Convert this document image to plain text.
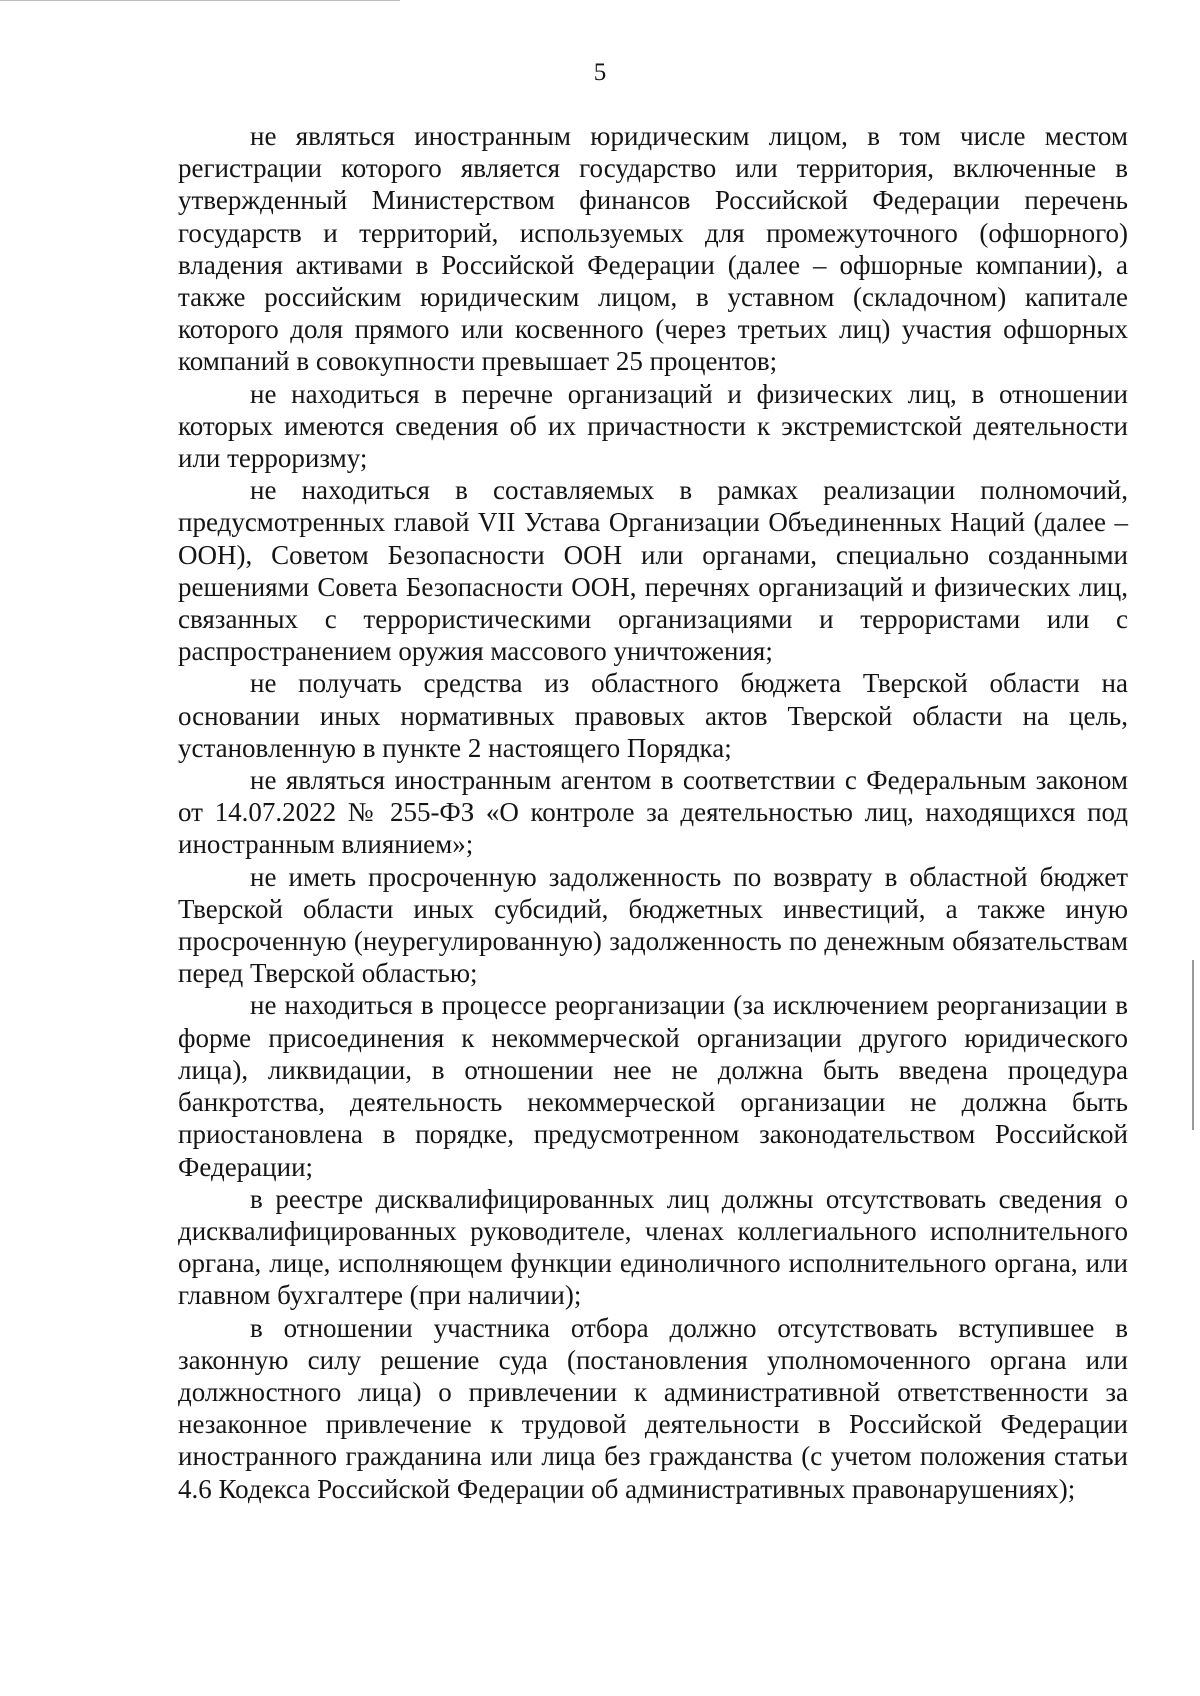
5

не являться иностранным юридическим лицом, в том числе местом регистрации которого является государство или территория, включенные в утвержденный Министерством финансов Российской Федерации перечень государств и территорий, используемых для промежуточного (офшорного) владения активами в Российской Федерации (далее – офшорные компании), а также российским юридическим лицом, в уставном (складочном) капитале которого доля прямого или косвенного (через третьих лиц) участия офшорных компаний в совокупности превышает 25 процентов;

не находиться в перечне организаций и физических лиц, в отношении которых имеются сведения об их причастности к экстремистской деятельности или терроризму;

не находиться в составляемых в рамках реализации полномочий, предусмотренных главой VII Устава Организации Объединенных Наций (далее – ООН), Советом Безопасности ООН или органами, специально созданными решениями Совета Безопасности ООН, перечнях организаций и физических лиц, связанных с террористическими организациями и террористами или с распространением оружия массового уничтожения;

не получать средства из областного бюджета Тверской области на основании иных нормативных правовых актов Тверской области на цель, установленную в пункте 2 настоящего Порядка;

не являться иностранным агентом в соответствии с Федеральным законом от 14.07.2022 № 255-ФЗ «О контроле за деятельностью лиц, находящихся под иностранным влиянием»;

не иметь просроченную задолженность по возврату в областной бюджет Тверской области иных субсидий, бюджетных инвестиций, а также иную просроченную (неурегулированную) задолженность по денежным обязательствам перед Тверской областью;

не находиться в процессе реорганизации (за исключением реорганизации в форме присоединения к некоммерческой организации другого юридического лица), ликвидации, в отношении нее не должна быть введена процедура банкротства, деятельность некоммерческой организации не должна быть приостановлена в порядке, предусмотренном законодательством Российской Федерации;

в реестре дисквалифицированных лиц должны отсутствовать сведения о дисквалифицированных руководителе, членах коллегиального исполнительного органа, лице, исполняющем функции единоличного исполнительного органа, или главном бухгалтере (при наличии);

в отношении участника отбора должно отсутствовать вступившее в законную силу решение суда (постановления уполномоченного органа или должностного лица) о привлечении к административной ответственности за незаконное привлечение к трудовой деятельности в Российской Федерации иностранного гражданина или лица без гражданства (с учетом положения статьи 4.6 Кодекса Российской Федерации об административных правонарушениях);
